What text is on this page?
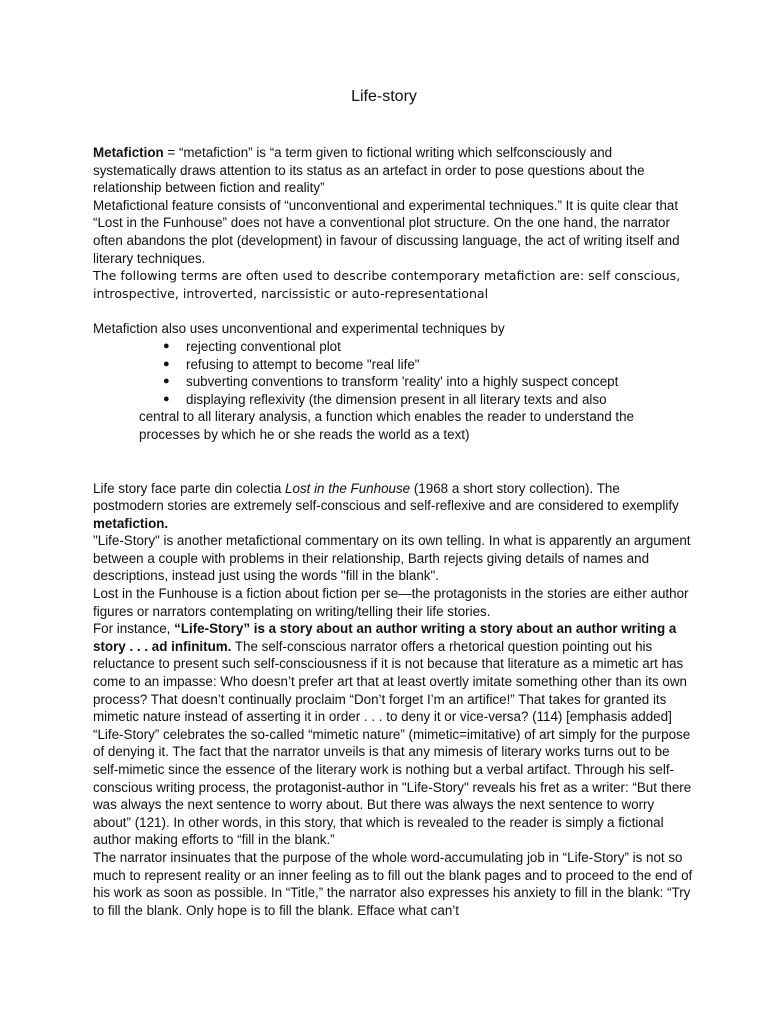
Life-story

Metafiction = “metafiction” is “a term given to fictional writing which selfconsciously and systematically draws attention to its status as an artefact in order to pose questions about the relationship between fiction and reality”

Metafictional feature consists of “unconventional and experimental techniques.” It is quite clear that “Lost in the Funhouse” does not have a conventional plot structure. On the one hand, the narrator often abandons the plot (development) in favour of discussing language, the act of writing itself and literary techniques.

The following terms are often used to describe contemporary metafiction are: self conscious, introspective, introverted, narcissistic or auto-representational

Metafiction also uses unconventional and experimental techniques by

● rejecting conventional plot
● refusing to attempt to become "real life"
● subverting conventions to transform 'reality' into a highly suspect concept
● displaying reflexivity (the dimension present in all literary texts and also
central to all literary analysis, a function which enables the reader to understand the processes by which he or she reads the world as a text)

Life story face parte din colectia Lost in the Funhouse (1968 a short story collection). The postmodern stories are extremely self-conscious and self-reflexive and are considered to exemplify metafiction.

"Life-Story" is another metafictional commentary on its own telling. In what is apparently an argument between a couple with problems in their relationship, Barth rejects giving details of names and descriptions, instead just using the words "fill in the blank".

Lost in the Funhouse is a fiction about fiction per se—the protagonists in the stories are either author figures or narrators contemplating on writing/telling their life stories.

For instance, “Life-Story” is a story about an author writing a story about an author writing a story . . . ad infinitum. The self-conscious narrator offers a rhetorical question pointing out his reluctance to present such self-consciousness if it is not because that literature as a mimetic art has come to an impasse: Who doesn’t prefer art that at least overtly imitate something other than its own process? That doesn’t continually proclaim “Don’t forget I’m an artifice!” That takes for granted its mimetic nature instead of asserting it in order . . . to deny it or vice-versa? (114) [emphasis added]

“Life-Story” celebrates the so-called “mimetic nature” (mimetic=imitative) of art simply for the purpose of denying it. The fact that the narrator unveils is that any mimesis of literary works turns out to be self-mimetic since the essence of the literary work is nothing but a verbal artifact. Through his self-conscious writing process, the protagonist-author in "Life-Story" reveals his fret as a writer: “But there was always the next sentence to worry about. But there was always the next sentence to worry about” (121). In other words, in this story, that which is revealed to the reader is simply a fictional author making efforts to “fill in the blank.”

The narrator insinuates that the purpose of the whole word-accumulating job in “Life-Story” is not so much to represent reality or an inner feeling as to fill out the blank pages and to proceed to the end of his work as soon as possible. In “Title,” the narrator also expresses his anxiety to fill in the blank: “Try to fill the blank. Only hope is to fill the blank. Efface what can’t
